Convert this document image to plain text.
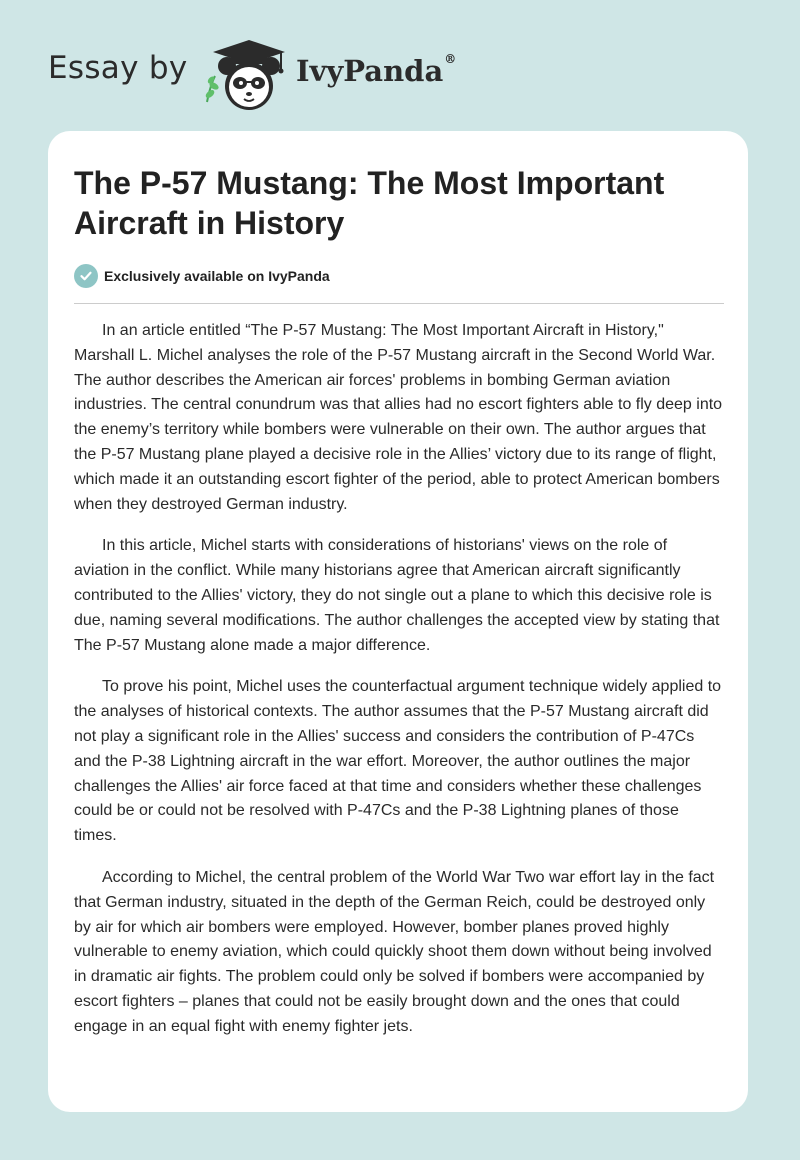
Essay by	IvyPanda®
The P-57 Mustang: The Most Important Aircraft in History
Exclusively available on IvyPanda

In an article entitled “The P-57 Mustang: The Most Important Aircraft in History," Marshall L. Michel analyses the role of the P-57 Mustang aircraft in the Second World War. The author describes the American air forces' problems in bombing German aviation industries. The central conundrum was that allies had no escort fighters able to fly deep into the enemy’s territory while bombers were vulnerable on their own. The author argues that the P-57 Mustang plane played a decisive role in the Allies’ victory due to its range of flight, which made it an outstanding escort fighter of the period, able to protect American bombers when they destroyed German industry.

In this article, Michel starts with considerations of historians' views on the role of aviation in the conflict. While many historians agree that American aircraft significantly contributed to the Allies' victory, they do not single out a plane to which this decisive role is due, naming several modifications. The author challenges the accepted view by stating that The P-57 Mustang alone made a major difference.

To prove his point, Michel uses the counterfactual argument technique widely applied to the analyses of historical contexts. The author assumes that the P-57 Mustang aircraft did not play a significant role in the Allies' success and considers the contribution of P-47Cs and the P-38 Lightning aircraft in the war effort. Moreover, the author outlines the major challenges the Allies' air force faced at that time and considers whether these challenges could be or could not be resolved with P-47Cs and the P-38 Lightning planes of those times.

According to Michel, the central problem of the World War Two war effort lay in the fact that German industry, situated in the depth of the German Reich, could be destroyed only by air for which air bombers were employed. However, bomber planes proved highly vulnerable to enemy aviation, which could quickly shoot them down without being involved in dramatic air fights. The problem could only be solved if bombers were accompanied by escort fighters – planes that could not be easily brought down and the ones that could engage in an equal fight with enemy fighter jets.
